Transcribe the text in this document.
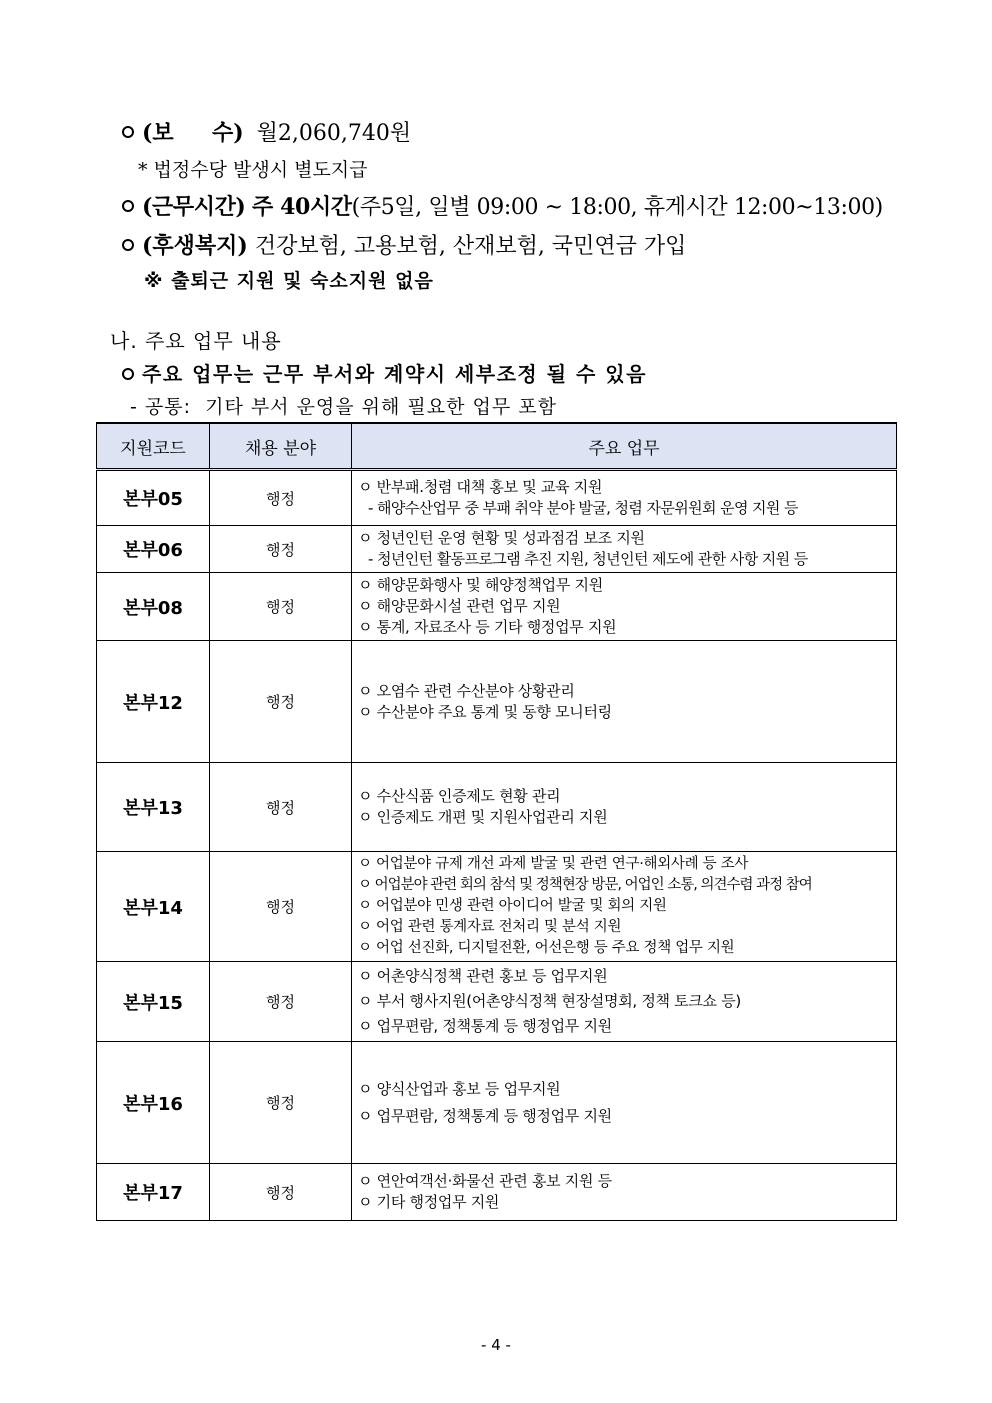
(보     수) 월2,060,740원
* 법정수당 발생시 별도지급
(근무시간) 주 40시간(주5일, 일별 09:00 ~ 18:00, 휴게시간 12:00~13:00)
(후생복지) 건강보험, 고용보험, 산재보험, 국민연금 가입
※ 출퇴근 지원 및 숙소지원 없음
나. 주요 업무 내용
주요 업무는 근무 부서와 계약시 세부조정 될 수 있음
- 공통:  기타 부서 운영을 위해 필요한 업무 포함
지원코드	채용 분야	주요 업무
본부05	행정	ㅇ 반부패.청렴 대책 홍보 및 교육 지원
- 해양수산업무 중 부패 취약 분야 발굴, 청렴 자문위원회 운영 지원 등

본부06	행정	ㅇ 청년인턴 운영 현황 및 성과점검 보조 지원
- 청년인턴 활동프로그램 추진 지원, 청년인턴 제도에 관한 사항 지원 등

본부08	행정	ㅇ 해양문화행사 및 해양정책업무 지원
ㅇ 해양문화시설 관련 업무 지원
ㅇ 통계, 자료조사 등 기타 행정업무 지원

본부12	행정	ㅇ 오염수 관련 수산분야 상황관리
ㅇ 수산분야 주요 통계 및 동향 모니터링

본부13	행정	ㅇ 수산식품 인증제도 현황 관리
ㅇ 인증제도 개편 및 지원사업관리 지원

본부14	행정	ㅇ 어업분야 규제 개선 과제 발굴 및 관련 연구·해외사례 등 조사
ㅇ 어업분야 관련 회의 참석 및 정책현장 방문, 어업인 소통, 의견수렴 과정 참여
ㅇ 어업분야 민생 관련 아이디어 발굴 및 회의 지원
ㅇ 어업 관련 통계자료 전처리 및 분석 지원
ㅇ 어업 선진화, 디지털전환, 어선은행 등 주요 정책 업무 지원

본부15	행정	ㅇ 어촌양식정책 관련 홍보 등 업무지원
ㅇ 부서 행사지원(어촌양식정책 현장설명회, 정책 토크쇼 등)
ㅇ 업무편람, 정책통계 등 행정업무 지원

본부16	행정	ㅇ 양식산업과 홍보 등 업무지원
ㅇ 업무편람, 정책통계 등 행정업무 지원

본부17	행정	ㅇ 연안여객선·화물선 관련 홍보 지원 등
ㅇ 기타 행정업무 지원
- 4 -
